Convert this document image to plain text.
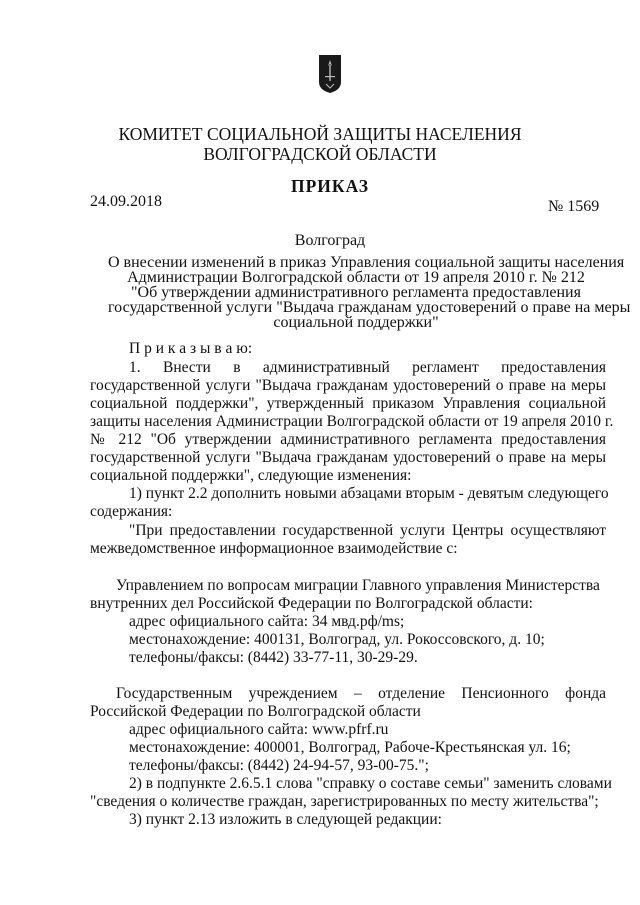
КОМИТЕТ СОЦИАЛЬНОЙ ЗАЩИТЫ НАСЕЛЕНИЯ
ВОЛГОГРАДСКОЙ ОБЛАСТИ
ПРИКАЗ
24.09.2018	№ 1569
Волгоград
О внесении изменений в приказ Управления социальной защиты населения
Администрации Волгоградской области от 19 апреля 2010 г. № 212
"Об утверждении административного регламента предоставления
государственной услуги "Выдача гражданам удостоверений о праве на меры
социальной поддержки"
П р и к а з ы в а ю:
1. Внести в административный регламент предоставления
государственной услуги "Выдача гражданам удостоверений о праве на меры
социальной поддержки", утвержденный приказом Управления социальной
защиты населения Администрации Волгоградской области от 19 апреля 2010 г.
№ 212 "Об утверждении административного регламента предоставления
государственной услуги "Выдача гражданам удостоверений о праве на меры
социальной поддержки", следующие изменения:
1) пункт 2.2 дополнить новыми абзацами вторым - девятым следующего
содержания:
"При предоставлении государственной услуги Центры осуществляют
межведомственное информационное взаимодействие с:
Управлением по вопросам миграции Главного управления Министерства
внутренних дел Российской Федерации по Волгоградской области:
адрес официального сайта: 34 мвд.рф/ms;
местонахождение: 400131, Волгоград, ул. Рокоссовского, д. 10;
телефоны/факсы: (8442) 33-77-11, 30-29-29.
Государственным учреждением – отделение Пенсионного фонда
Российской Федерации по Волгоградской области
адрес официального сайта: www.pfrf.ru
местонахождение: 400001, Волгоград, Рабоче-Крестьянская ул. 16;
телефоны/факсы: (8442) 24-94-57, 93-00-75.";
2) в подпункте 2.6.5.1 слова "справку о составе семьи" заменить словами
"сведения о количестве граждан, зарегистрированных по месту жительства";
3) пункт 2.13 изложить в следующей редакции:
